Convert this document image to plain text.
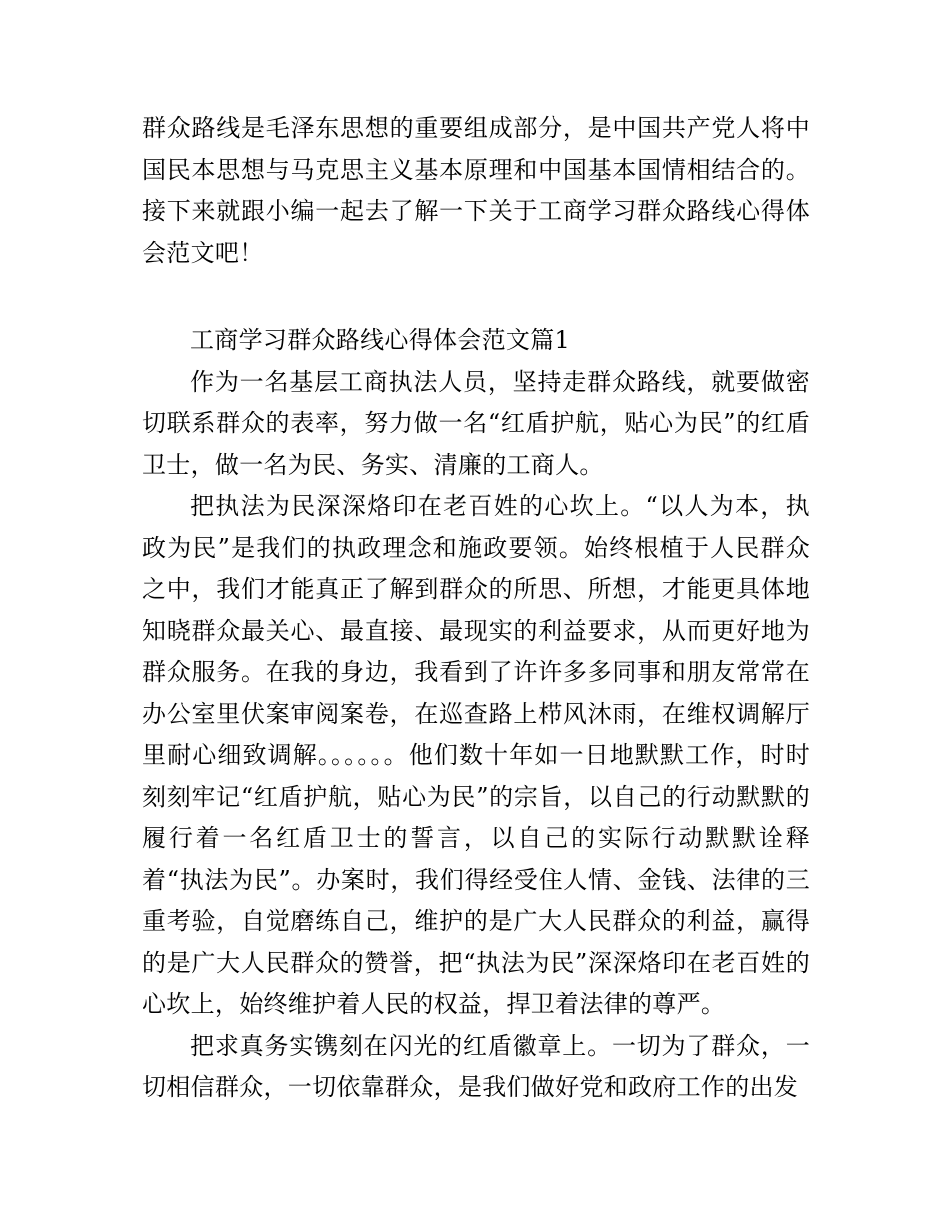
群众路线是毛泽东思想的重要组成部分，是中国共产党人将中国民本思想与马克思主义基本原理和中国基本国情相结合的。接下来就跟小编一起去了解一下关于工商学习群众路线心得体会范文吧！

工商学习群众路线心得体会范文篇1

作为一名基层工商执法人员，坚持走群众路线，就要做密切联系群众的表率，努力做一名“红盾护航，贴心为民”的红盾卫士，做一名为民、务实、清廉的工商人。

把执法为民深深烙印在老百姓的心坎上。“以人为本，执政为民”是我们的执政理念和施政要领。始终根植于人民群众之中，我们才能真正了解到群众的所思、所想，才能更具体地知晓群众最关心、最直接、最现实的利益要求，从而更好地为群众服务。在我的身边，我看到了许许多多同事和朋友常常在办公室里伏案审阅案卷，在巡查路上栉风沐雨，在维权调解厅里耐心细致调解。。。。。。他们数十年如一日地默默工作，时时刻刻牢记“红盾护航，贴心为民”的宗旨，以自己的行动默默的履行着一名红盾卫士的誓言，以自己的实际行动默默诠释着“执法为民”。办案时，我们得经受住人情、金钱、法律的三重考验，自觉磨练自己，维护的是广大人民群众的利益，赢得的是广大人民群众的赞誉，把“执法为民”深深烙印在老百姓的心坎上，始终维护着人民的权益，捍卫着法律的尊严。

把求真务实镌刻在闪光的红盾徽章上。一切为了群众，一切相信群众，一切依靠群众，是我们做好党和政府工作的出发
